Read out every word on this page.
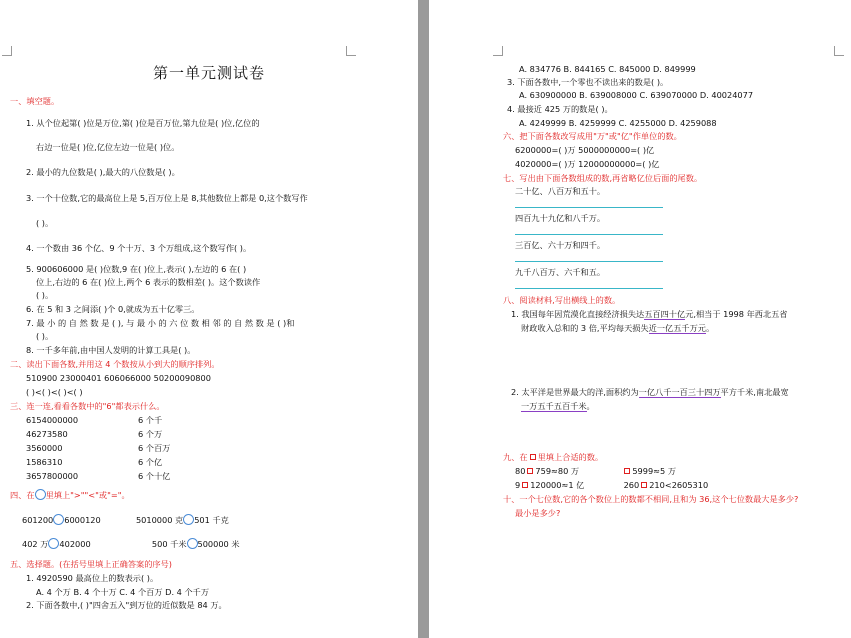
第一单元测试卷
一、填空题。
1. 从个位起第( )位是万位,第( )位是百万位,第九位是( )位,亿位的
右边一位是( )位,亿位左边一位是( )位。
2. 最小的九位数是( ),最大的八位数是( )。
3. 一个十位数,它的最高位上是 5,百万位上是 8,其他数位上都是 0,这个数写作
( )。
4. 一个数由 36 个亿、9 个十万、3 个万组成,这个数写作( )。
5. 900606000 是( )位数,9 在( )位上,表示( ),左边的 6 在( )
位上,右边的 6 在( )位上,两个 6 表示的数相差( )。这个数读作
( )。
6. 在 5 和 3 之间添( )个 0,就成为五十亿零三。
7. 最 小 的 自 然 数 是 ( ), 与 最 小 的 六 位 数 相 邻 的 自 然 数 是 ( )和
( )。
8. 一千多年前,由中国人发明的计算工具是( )。
二、读出下面各数,并用这 4 个数按从小到大的顺序排列。
510900 23000401 606066000 50200090800
( )<( )<( )<( )
三、连一连,看看各数中的"6"都表示什么。
6154000000	6 个千
46273580	6 个万
3560000	6 个百万
1586310	6 个亿
3657800000	6 个十亿
四、在 里填上">""<"或"="。
601200 6000120	5010000 克 501 千克
402 万 402000	500 千米 500000 米
五、选择题。(在括号里填上正确答案的序号)
1. 4920590 最高位上的数表示( )。
A. 4 个万 B. 4 个十万 C. 4 个百万 D. 4 个千万
2. 下面各数中,( )"四舍五入"到万位的近似数是 84 万。
A. 834776 B. 844165 C. 845000 D. 849999
3. 下面各数中,一个零也不读出来的数是( )。
A. 630900000 B. 639008000 C. 639070000 D. 40024077
4. 最接近 425 万的数是( )。
A. 4249999 B. 4259999 C. 4255000 D. 4259088
六、把下面各数改写成用"万"或"亿"作单位的数。
6200000=( )万 5000000000=( )亿
4020000=( )万 12000000000=( )亿
七、写出由下面各数组成的数,再省略亿位后面的尾数。
二十亿、八百万和五十。
四百九十九亿和八千万。
三百亿、六十万和四千。
九千八百万、六千和五。
八、阅读材料,写出横线上的数。
1. 我国每年因荒漠化直接经济损失达五百四十亿元,相当于 1998 年西北五省
财政收入总和的 3 倍,平均每天损失近一亿五千万元。
2. 太平洋是世界最大的洋,面积约为一亿八千一百三十四万平方千米,南北最宽
一万五千五百千米。
九、在 里填上合适的数。
80 759≈80 万	5999≈5 万
9 120000≈1 亿	260 210<2605310
十、一个七位数,它的各个数位上的数都不相同,且和为 36,这个七位数最大是多少?
最小是多少?
